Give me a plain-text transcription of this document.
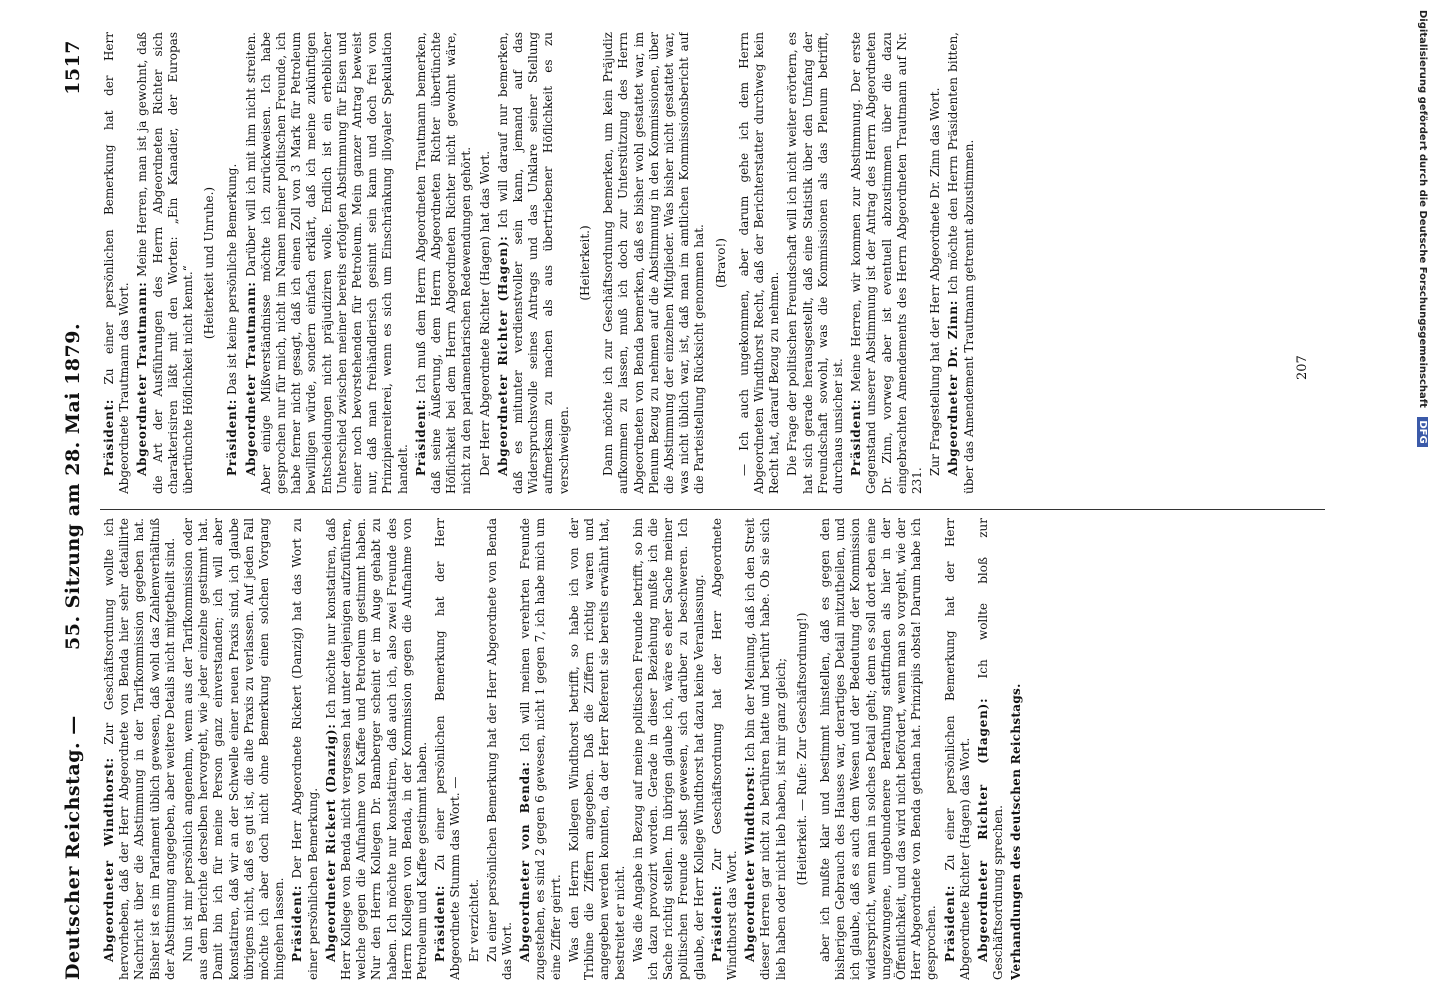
Deutscher Reichstag. —
55. Sitzung am 28. Mai 1879.
1517

Abgeordneter Windthorst: Zur Geschäftsordnung wollte ich hervorheben, daß der Herr Abgeordnete von Benda hier sehr detaillirte Nachricht über die Abstimmung in der Tarifkommission gegeben hat. Bisher ist es im Parlament üblich gewesen, daß wohl das Zahlenverhältniß der Abstimmung angegeben, aber weitere Details nicht mitgetheilt sind. Nun ist mir persönlich angenehm, wenn aus der Tarifkommission oder aus dem Berichte derselben hervorgeht, wie jeder einzelne gestimmt hat. Damit bin ich für meine Person ganz einverstanden; ich will aber konstatiren, daß wir an der Schwelle einer neuen Praxis sind, ich glaube übrigens nicht, daß es gut ist, die alte Praxis zu verlassen. Auf jeden Fall möchte ich aber doch nicht ohne Bemerkung einen solchen Vorgang hingehen lassen. Präsident: Der Herr Abgeordnete Rickert (Danzig) hat das Wort zu einer persönlichen Bemerkung. Abgeordneter Rickert (Danzig): Ich möchte nur konstatiren, daß Herr Kollege von Benda nicht vergessen hat unter denjenigen aufzuführen, welche gegen die Aufnahme von Kaffee und Petroleum gestimmt haben. Nur den Herrn Kollegen Dr. Bamberger scheint er im Auge gehabt zu haben. Ich möchte nur konstatiren, daß auch ich, also zwei Freunde des Herrn Kollegen von Benda, in der Kommission gegen die Aufnahme von Petroleum und Kaffee gestimmt haben. Präsident: Zu einer persönlichen Bemerkung hat der Herr Abgeordnete Stumm das Wort. — Er verzichtet. Zu einer persönlichen Bemerkung hat der Herr Abgeordnete von Benda das Wort. Abgeordneter von Benda: Ich will meinen verehrten Freunde zugestehen, es sind 2 gegen 6 gewesen, nicht 1 gegen 7, ich habe mich um eine Ziffer geirrt. Was den Herrn Kollegen Windthorst betrifft, so habe ich von der Tribüne die Ziffern angegeben. Daß die Ziffern richtig waren und angegeben werden konnten, da der Herr Referent sie bereits erwähnt hat, bestreitet er nicht. Was die Angabe in Bezug auf meine politischen Freunde betrifft, so bin ich dazu provozirt worden. Gerade in dieser Beziehung mußte ich die Sache richtig stellen. Im übrigen glaube ich, wäre es eher Sache meiner politischen Freunde selbst gewesen, sich darüber zu beschweren. Ich glaube, der Herr Kollege Windthorst hat dazu keine Veranlassung. Präsident: Zur Geschäftsordnung hat der Herr Abgeordnete Windthorst das Wort. Abgeordneter Windthorst: Ich bin der Meinung, daß ich den Streit dieser Herren gar nicht zu berühren hatte und berührt habe. Ob sie sich lieb haben oder nicht lieb haben, ist mir ganz gleich; (Heiterkeit. — Rufe: Zur Geschäftsordnung!) aber ich mußte klar und bestimmt hinstellen, daß es gegen den bisherigen Gebrauch des Hauses war, derartiges Detail mitzutheilen, und ich glaube, daß es auch dem Wesen und der Bedeutung der Kommission widerspricht, wenn man in solches Detail geht; denn es soll dort eben eine ungezwungene, ungebundenere Berathung stattfinden als hier in der Öffentlichkeit, und das wird nicht befördert, wenn man so vorgeht, wie der Herr Abgeordnete von Benda gethan hat. Prinzipiis obsta! Darum habe ich gesprochen. Präsident: Zu einer persönlichen Bemerkung hat der Herr Abgeordnete Richter (Hagen) das Wort. Abgeordneter Richter (Hagen): Ich wollte bloß zur Geschäftsordnung sprechen. Verhandlungen des deutschen Reichstags.

Präsident: Zu einer persönlichen Bemerkung hat der Herr Abgeordnete Trautmann das Wort. Abgeordneter Trautmann: Meine Herren, man ist ja gewohnt, daß die Art der Ausführungen des Herrn Abgeordneten Richter sich charakterisiren läßt mit den Worten: „Ein Kanadier, der Europas übertünchte Höflichkeit nicht kennt.“

(Heiterkeit und Unruhe.)

Präsident: Das ist keine persönliche Bemerkung. Abgeordneter Trautmann: Darüber will ich mit ihm nicht streiten. Aber einige Mißverständnisse möchte ich zurückweisen. Ich habe gesprochen nur für mich, nicht im Namen meiner politischen Freunde, ich habe ferner nicht gesagt, daß ich einen Zoll von 3 Mark für Petroleum bewilligen würde, sondern einfach erklärt, daß ich meine zukünftigen Entscheidungen nicht präjudiziren wolle. Endlich ist ein erheblicher Unterschied zwischen meiner bereits erfolgten Abstimmung für Eisen und einer noch bevorstehenden für Petroleum. Mein ganzer Antrag beweist nur, daß man freihändlerisch gesinnt sein kann und doch frei von Prinzipienreiterei, wenn es sich um Einschränkung illoyaler Spekulation handelt. Präsident: Ich muß dem Herrn Abgeordneten Trautmann bemerken, daß seine Äußerung, dem Herrn Abgeordneten Richter übertünchte Höflichkeit bei dem Herrn Abgeordneten Richter nicht gewohnt wäre, nicht zu den parlamentarischen Redewendungen gehört. Der Herr Abgeordnete Richter (Hagen) hat das Wort. Abgeordneter Richter (Hagen): Ich will darauf nur bemerken, daß es mitunter verdienstvoller sein kann, jemand auf das Widerspruchsvolle seines Antrags und das Unklare seiner Stellung aufmerksam zu machen als aus übertriebener Höflichkeit es zu verschweigen.

(Heiterkeit.) Dann möchte ich zur Geschäftsordnung bemerken, um kein Präjudiz aufkommen zu lassen, muß ich doch zur Unterstützung des Herrn Abgeordneten von Benda bemerken, daß es bisher wohl gestattet war, im Plenum Bezug zu nehmen auf die Abstimmung in den Kommissionen, über die Abstimmung der einzelnen Mitglieder. Was bisher nicht gestattet war, was nicht üblich war, ist, daß man im amtlichen Kommissionsbericht auf die Parteistellung Rücksicht genommen hat. (Bravo!) — Ich auch ungekommen, aber darum gehe ich dem Herrn Abgeordneten Windthorst Recht, daß der Berichterstatter durchweg kein Recht hat, darauf Bezug zu nehmen. Die Frage der politischen Freundschaft will ich nicht weiter erörtern, es hat sich gerade herausgestellt, daß eine Statistik über den Umfang der Freundschaft sowohl, was die Kommissionen als das Plenum betrifft, durchaus unsicher ist. Präsident: Meine Herren, wir kommen zur Abstimmung. Der erste Gegenstand unserer Abstimmung ist der Antrag des Herrn Abgeordneten Dr. Zinn, vorweg aber ist eventuell abzustimmen über die dazu eingebrachten Amendements des Herrn Abgeordneten Trautmann auf Nr. 231.

Zur Fragestellung hat der Herr Abgeordnete Dr. Zinn das Wort. Abgeordneter Dr. Zinn: Ich möchte den Herrn Präsidenten bitten, über das Amendement Trautmann getrennt abzustimmen.	207	Digitalisierung gefördert durch die Deutsche Forschungsgemeinschaft DFG
